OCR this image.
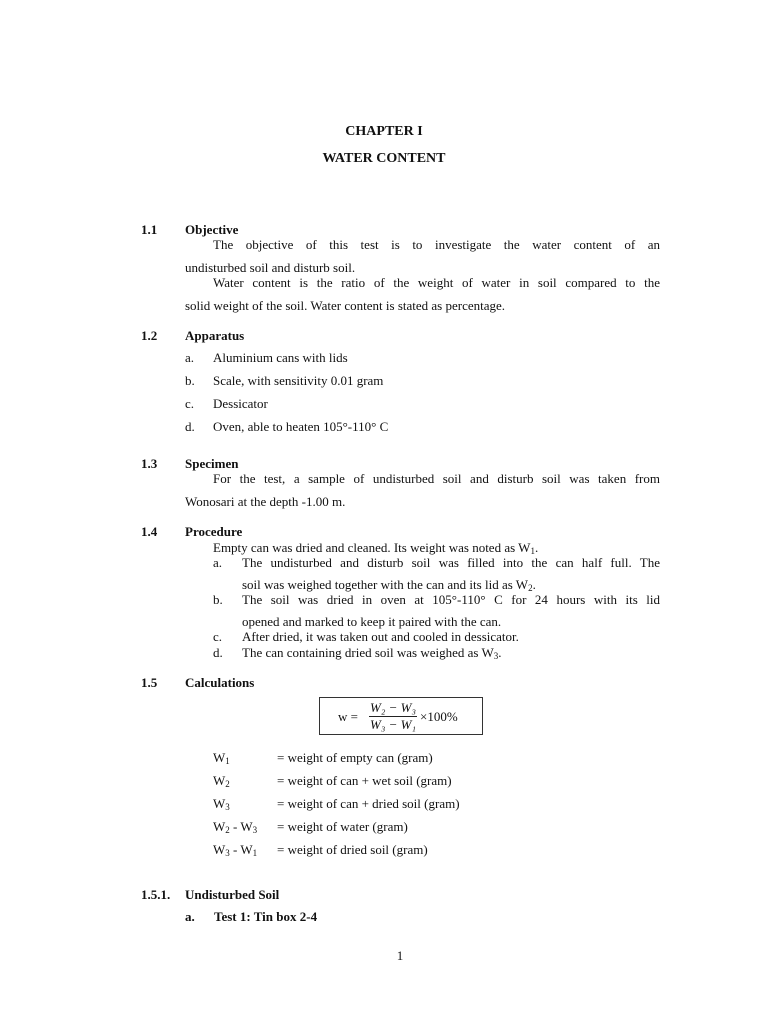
CHAPTER I
WATER CONTENT
1.1 Objective
The objective of this test is to investigate the water content of an
undisturbed soil and disturb soil.
Water content is the ratio of the weight of water in soil compared to the
solid weight of the soil. Water content is stated as percentage.
1.2 Apparatus
a. Aluminium cans with lids
b. Scale, with sensitivity 0.01 gram
c. Dessicator
d. Oven, able to heaten 105°-110° C
1.3 Specimen
For the test, a sample of undisturbed soil and disturb soil was taken from
Wonosari at the depth -1.00 m.
1.4 Procedure
Empty can was dried and cleaned. Its weight was noted as $W_1$.
a. The undisturbed and disturb soil was filled into the can half full. The
soil was weighed together with the can and its lid as $W_2$.
b. The soil was dried in oven at 105°-110° C for 24 hours with its lid
opened and marked to keep it paired with the can.
c. After dried, it was taken out and cooled in dessicator.
d. The can containing dried soil was weighed as $W_3$.
1.5 Calculations
w =
W₂ − W₃
W₃ − W₁
×100%
$W_1$	= weight of empty can (gram)
$W_2$	= weight of can + wet soil (gram)
$W_3$	= weight of can + dried soil (gram)
$W_2 - W_3$ = weight of water (gram)
$W_3 - W_1$ = weight of dried soil (gram)
1.5.1. Undisturbed Soil
a. Test 1: Tin box 2-4
1
